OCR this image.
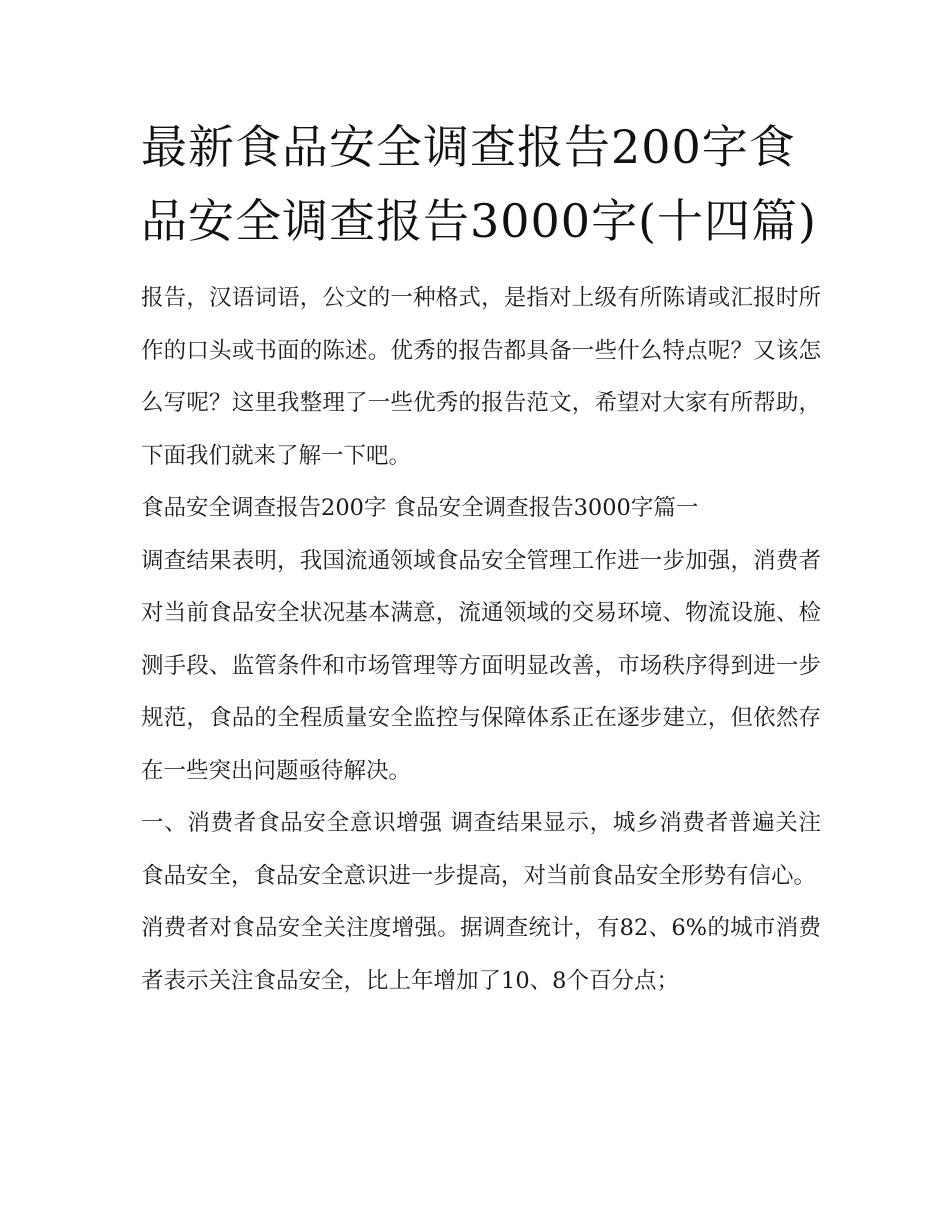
最新食品安全调查报告200字食品安全调查报告3000字(十四篇)

报告，汉语词语，公文的一种格式，是指对上级有所陈请或汇报时所作的口头或书面的陈述。优秀的报告都具备一些什么特点呢？又该怎么写呢？这里我整理了一些优秀的报告范文，希望对大家有所帮助，下面我们就来了解一下吧。

食品安全调查报告200字 食品安全调查报告3000字篇一

调查结果表明，我国流通领域食品安全管理工作进一步加强，消费者对当前食品安全状况基本满意，流通领域的交易环境、物流设施、检测手段、监管条件和市场管理等方面明显改善，市场秩序得到进一步规范，食品的全程质量安全监控与保障体系正在逐步建立，但依然存在一些突出问题亟待解决。

一、消费者食品安全意识增强 调查结果显示，城乡消费者普遍关注食品安全，食品安全意识进一步提高，对当前食品安全形势有信心。

消费者对食品安全关注度增强。据调查统计，有82、6%的城市消费者表示关注食品安全，比上年增加了10、8个百分点；
